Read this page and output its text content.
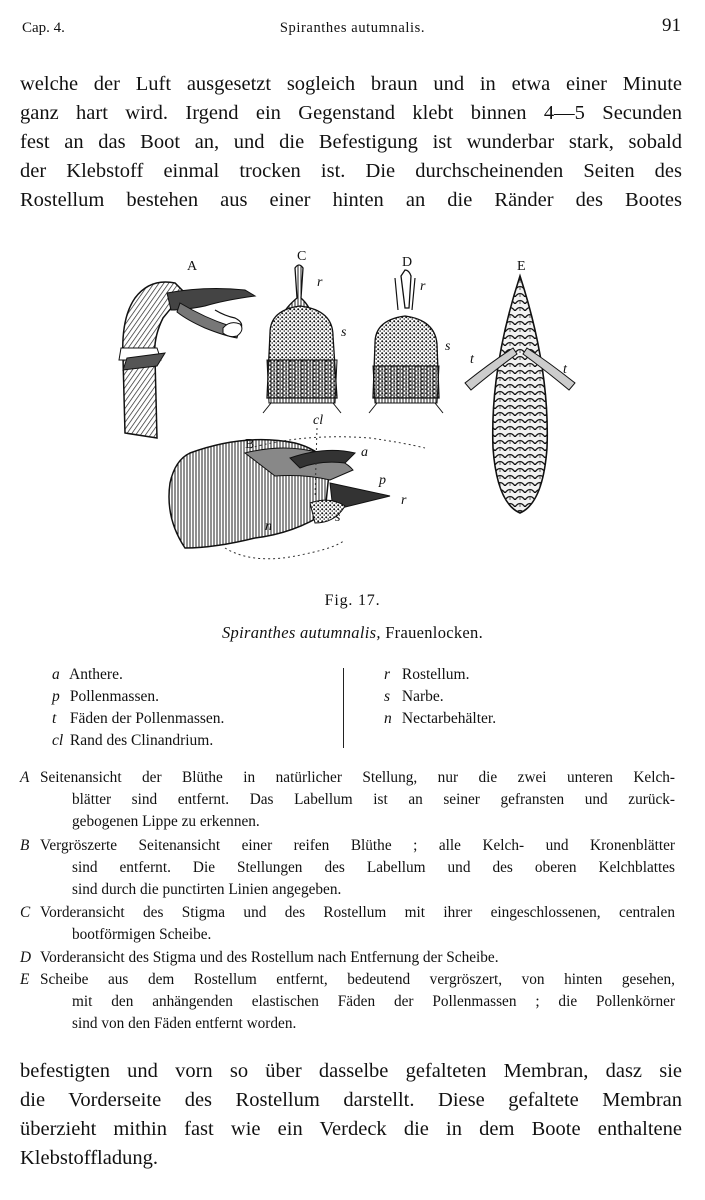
Cap. 4.	Spiranthes autumnalis.	91
welche der Luft ausgesetzt sogleich braun und in etwa einer Minute
ganz hart wird. Irgend ein Gegenstand klebt binnen 4—5 Secunden
fest an das Boot an, und die Befestigung ist wunderbar stark, sobald
der Klebstoff einmal trocken ist. Die durchscheinenden Seiten des
Rostellum bestehen aus einer hinten an die Ränder des Bootes
A
C
r
s
D
r
s
E
t
t
B
cl
a
p
r
s
n
Fig. 17.
Spiranthes autumnalis, Frauenlocken.
a Anthere.
p Pollenmassen.
t Fäden der Pollenmassen.
cl Rand des Clinandrium.
r Rostellum.
s Narbe.
n Nectarbehälter.
A Seitenansicht der Blüthe in natürlicher Stellung, nur die zwei unteren Kelch-
blätter sind entfernt. Das Labellum ist an seiner gefransten und zurück-
gebogenen Lippe zu erkennen.
B Vergröszerte Seitenansicht einer reifen Blüthe ; alle Kelch- und Kronenblätter
sind entfernt. Die Stellungen des Labellum und des oberen Kelchblattes
sind durch die punctirten Linien angegeben.
C Vorderansicht des Stigma und des Rostellum mit ihrer eingeschlossenen, centralen
bootförmigen Scheibe.
D Vorderansicht des Stigma und des Rostellum nach Entfernung der Scheibe.
E Scheibe aus dem Rostellum entfernt, bedeutend vergröszert, von hinten gesehen,
mit den anhängenden elastischen Fäden der Pollenmassen ; die Pollenkörner
sind von den Fäden entfernt worden.
befestigten und vorn so über dasselbe gefalteten Membran, dasz sie
die Vorderseite des Rostellum darstellt. Diese gefaltete Membran
überzieht mithin fast wie ein Verdeck die in dem Boote enthaltene
Klebstoffladung.
